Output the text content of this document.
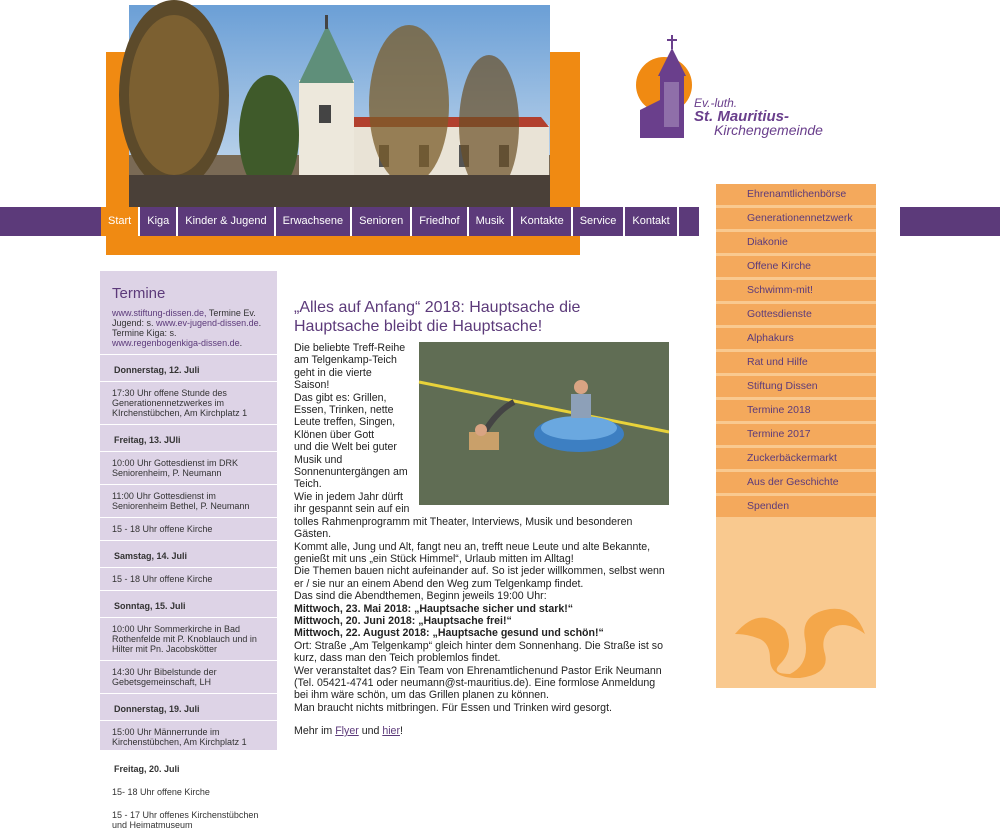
Start	Kiga	Kinder & Jugend	Erwachsene	Senioren	Friedhof	Musik	Kontakte	Service	Kontakt
Ev.-luth.
St. Mauritius-
Kirchengemeinde
Termine
www.stiftung-dissen.de, Termine Ev. Jugend: s. www.ev-jugend-dissen.de. Termine Kiga: s. www.regenbogenkiga-dissen.de.
Donnerstag, 12. Juli
17:30 Uhr offene Stunde des Generationennetzwerkes im KIrchenstübchen, Am Kirchplatz 1
Freitag, 13. JUli
10:00 Uhr Gottesdienst im DRK Seniorenheim, P. Neumann
11:00 Uhr Gottesdienst im Seniorenheim Bethel, P. Neumann
15 - 18 Uhr offene Kirche
Samstag, 14. Juli
15 - 18 Uhr offene Kirche
Sonntag, 15. Juli
10:00 Uhr Sommerkirche in Bad Rothenfelde mit P. Knoblauch und in Hilter mit Pn. Jacobskötter
14:30 Uhr Bibelstunde der Gebetsgemeinschaft, LH
Donnerstag, 19. Juli
15:00 Uhr Männerrunde im Kirchenstübchen, Am Kirchplatz 1
Freitag, 20. Juli
15- 18 Uhr offene Kirche
15 - 17 Uhr offenes Kirchenstübchen und Heimatmuseum
„Alles auf Anfang“ 2018: Hauptsache die Hauptsache bleibt die Hauptsache!
Die beliebte Treff-Reihe
am Telgenkamp-Teich
geht in die vierte
Saison!
Das gibt es: Grillen,
Essen, Trinken, nette
Leute treffen, Singen,
Klönen über Gott
und die Welt bei guter
Musik und
Sonnenuntergängen am
Teich.
Wie in jedem Jahr dürft
ihr gespannt sein auf ein
tolles Rahmenprogramm mit Theater, Interviews, Musik und besonderen Gästen.
Kommt alle, Jung und Alt, fangt neu an, trefft neue Leute und alte Bekannte, genießt mit uns „ein Stück Himmel“, Urlaub mitten im Alltag!
Die Themen bauen nicht aufeinander auf. So ist jeder willkommen, selbst wenn er / sie nur an einem Abend den Weg zum Telgenkamp findet.
Das sind die Abendthemen, Beginn jeweils 19:00 Uhr:
Mittwoch, 23. Mai 2018: „Hauptsache sicher und stark!“
Mittwoch, 20. Juni 2018: „Hauptsache frei!“
Mittwoch, 22. August 2018: „Hauptsache gesund und schön!“
Ort: Straße „Am Telgenkamp“ gleich hinter dem Sonnenhang. Die Straße ist so kurz, dass man den Teich problemlos findet.
Wer veranstaltet das? Ein Team von Ehrenamtlichenund Pastor Erik Neumann (Tel. 05421-4741 oder neumann@st-mauritius.de). Eine formlose Anmeldung bei ihm wäre schön, um das Grillen planen zu können.
Man braucht nichts mitbringen. Für Essen und Trinken wird gesorgt.
Mehr im Flyer und hier!
Ehrenamtlichenbörse
Generationennetzwerk
Diakonie
Offene Kirche
Schwimm-mit!
Gottesdienste
Alphakurs
Rat und Hilfe
Stiftung Dissen
Termine 2018
Termine 2017
Zuckerbäckermarkt
Aus der Geschichte
Spenden
